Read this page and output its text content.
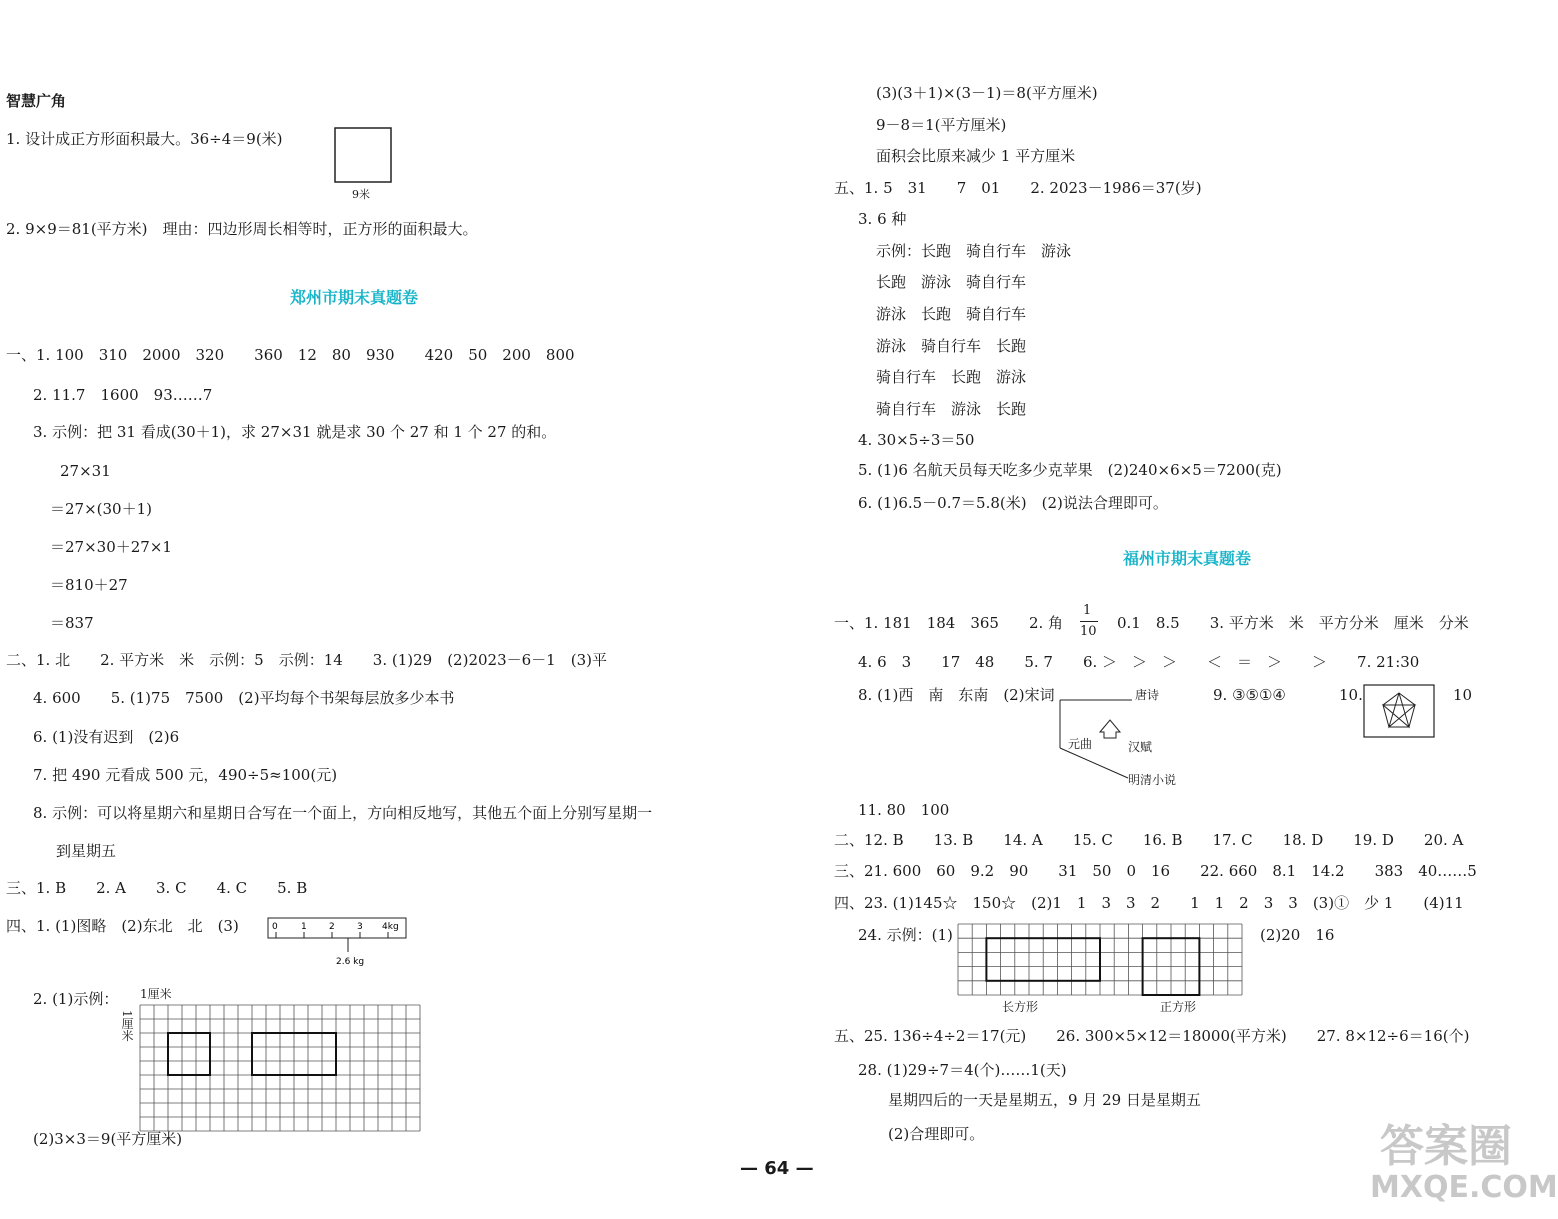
智慧广角
1. 设计成正方形面积最大。36÷4＝9(米)
9米
2. 9×9＝81(平方米)　理由：四边形周长相等时，正方形的面积最大。
郑州市期末真题卷
一、1. 100　310　2000　320　　360　12　80　930　　420　50　200　800
2. 11.7　1600　93……7
3. 示例：把 31 看成(30＋1)，求 27×31 就是求 30 个 27 和 1 个 27 的和。
27×31
＝27×(30＋1)
＝27×30＋27×1
＝810＋27
＝837
二、1. 北　　2. 平方米　米　示例：5　示例：14　　3. (1)29　(2)2023－6－1　(3)平
4. 600　　5. (1)75　7500　(2)平均每个书架每层放多少本书
6. (1)没有迟到　(2)6
7. 把 490 元看成 500 元，490÷5≈100(元)
8. 示例：可以将星期六和星期日合写在一个面上，方向相反地写，其他五个面上分别写星期一
到星期五
三、1. B　　2. A　　3. C　　4. C　　5. B
四、1. (1)图略　(2)东北　北　(3)	0	1 2 3 4kg
2.6 kg
2. (1)示例： 1厘米
1厘米
(2)3×3＝9(平方厘米)
(3)(3＋1)×(3－1)＝8(平方厘米)
9－8＝1(平方厘米)
面积会比原来减少 1 平方厘米
五、1. 5　31　　7　01　　2. 2023－1986＝37(岁)
3. 6 种
示例：长跑　骑自行车　游泳
长跑　游泳　骑自行车
游泳　长跑　骑自行车
游泳　骑自行车　长跑
骑自行车　长跑　游泳
骑自行车　游泳　长跑
4. 30×5÷3＝50
5. (1)6 名航天员每天吃多少克苹果　(2)240×6×5＝7200(克)
6. (1)6.5－0.7＝5.8(米)　(2)说法合理即可。
福州市期末真题卷
一、1. 181　184　365　　2. 角
1
10 0.1　8.5　　3. 平方米　米　平方分米　厘米　分米
4. 6　3　　17　48　　5. 7　　6. ＞　＞　＞　　＜　＝　＞　　＞　　7. 21:30
8. (1)西　南　东南　(2)宋词	唐诗
元曲	汉赋
明清小说
9. ③⑤①④	10.	10
11. 80　100
二、12. B　　13. B　　14. A　　15. C　　16. B　　17. C　　18. D　　19. D　　20. A
三、21. 600　60　9.2　90　　31　50　0　16　　22. 660　8.1　14.2　　383　40……5
四、23. (1)145☆　150☆　(2)1　1　3　3　2　　1　1　2　3　3　(3)①　少 1　　(4)11
24. 示例：(1)	(2)20　16
长方形	正方形
五、25. 136÷4÷2＝17(元)　　26. 300×5×12＝18000(平方米)　　27. 8×12÷6＝16(个)
28. (1)29÷7＝4(个)……1(天)
星期四后的一天是星期五，9 月 29 日是星期五
(2)合理即可。
— 64 —	答案圈
MXQE.COM
